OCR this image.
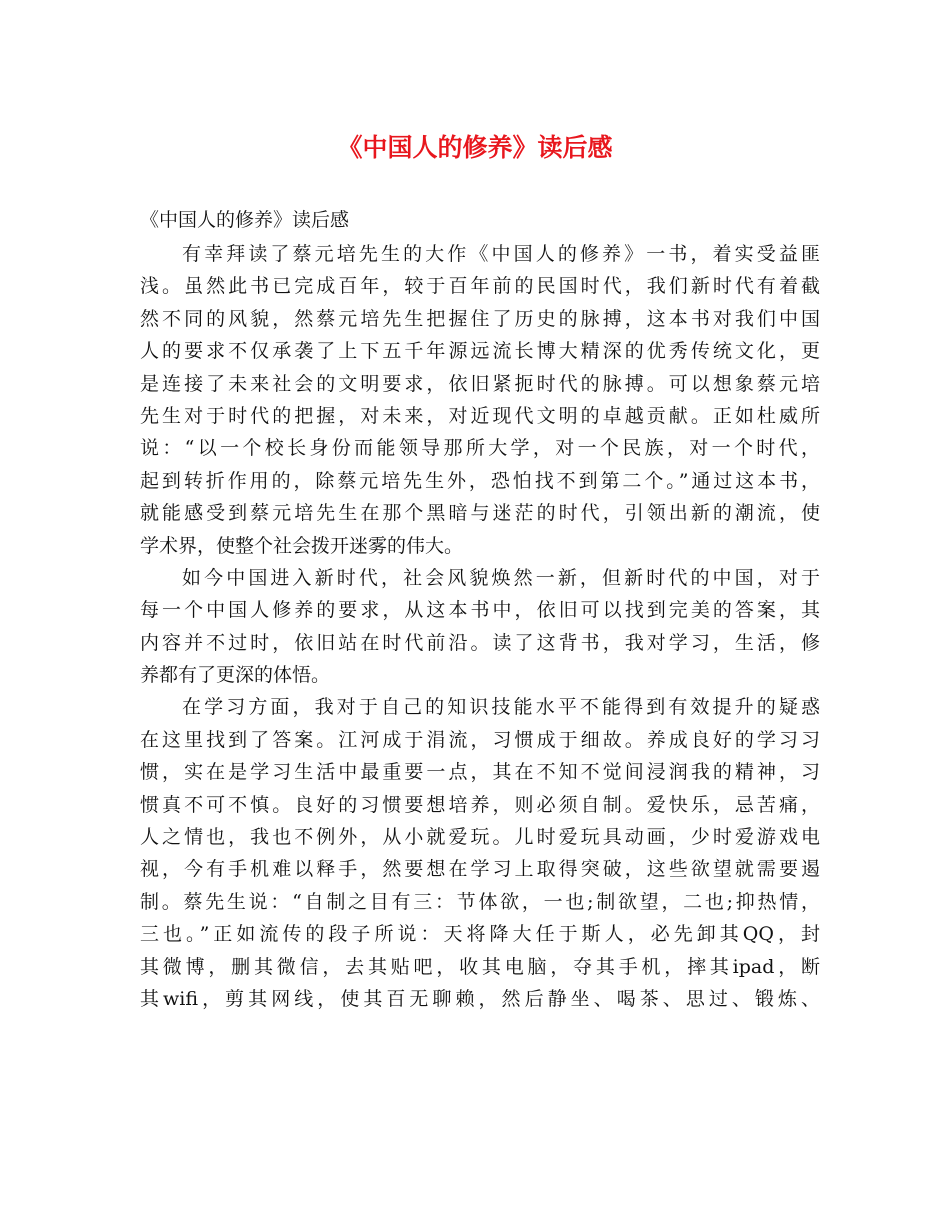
《中国人的修养》读后感

《中国人的修养》读后感

有幸拜读了蔡元培先生的大作《中国人的修养》一书，着实受益匪
浅。虽然此书已完成百年，较于百年前的民国时代，我们新时代有着截
然不同的风貌，然蔡元培先生把握住了历史的脉搏，这本书对我们中国
人的要求不仅承袭了上下五千年源远流长博大精深的优秀传统文化，更
是连接了未来社会的文明要求，依旧紧扼时代的脉搏。可以想象蔡元培
先生对于时代的把握，对未来，对近现代文明的卓越贡献。正如杜威所
说：“以一个校长身份而能领导那所大学，对一个民族，对一个时代，
起到转折作用的，除蔡元培先生外，恐怕找不到第二个。”通过这本书，
就能感受到蔡元培先生在那个黑暗与迷茫的时代，引领出新的潮流，使
学术界，使整个社会拨开迷雾的伟大。
如今中国进入新时代，社会风貌焕然一新，但新时代的中国，对于
每一个中国人修养的要求，从这本书中，依旧可以找到完美的答案，其
内容并不过时，依旧站在时代前沿。读了这背书，我对学习，生活，修
养都有了更深的体悟。
在学习方面，我对于自己的知识技能水平不能得到有效提升的疑惑
在这里找到了答案。江河成于涓流，习惯成于细故。养成良好的学习习
惯，实在是学习生活中最重要一点，其在不知不觉间浸润我的精神，习
惯真不可不慎。良好的习惯要想培养，则必须自制。爱快乐，忌苦痛，
人之情也，我也不例外，从小就爱玩。儿时爱玩具动画，少时爱游戏电
视，今有手机难以释手，然要想在学习上取得突破，这些欲望就需要遏
制。蔡先生说：“自制之目有三：节体欲，一也;制欲望，二也;抑热情，
三也。”正如流传的段子所说：天将降大任于斯人，必先卸其QQ，封
其微博，删其微信，去其贴吧，收其电脑，夺其手机，摔其ipad，断
其wifi，剪其网线，使其百无聊赖，然后静坐、喝茶、思过、锻炼、
